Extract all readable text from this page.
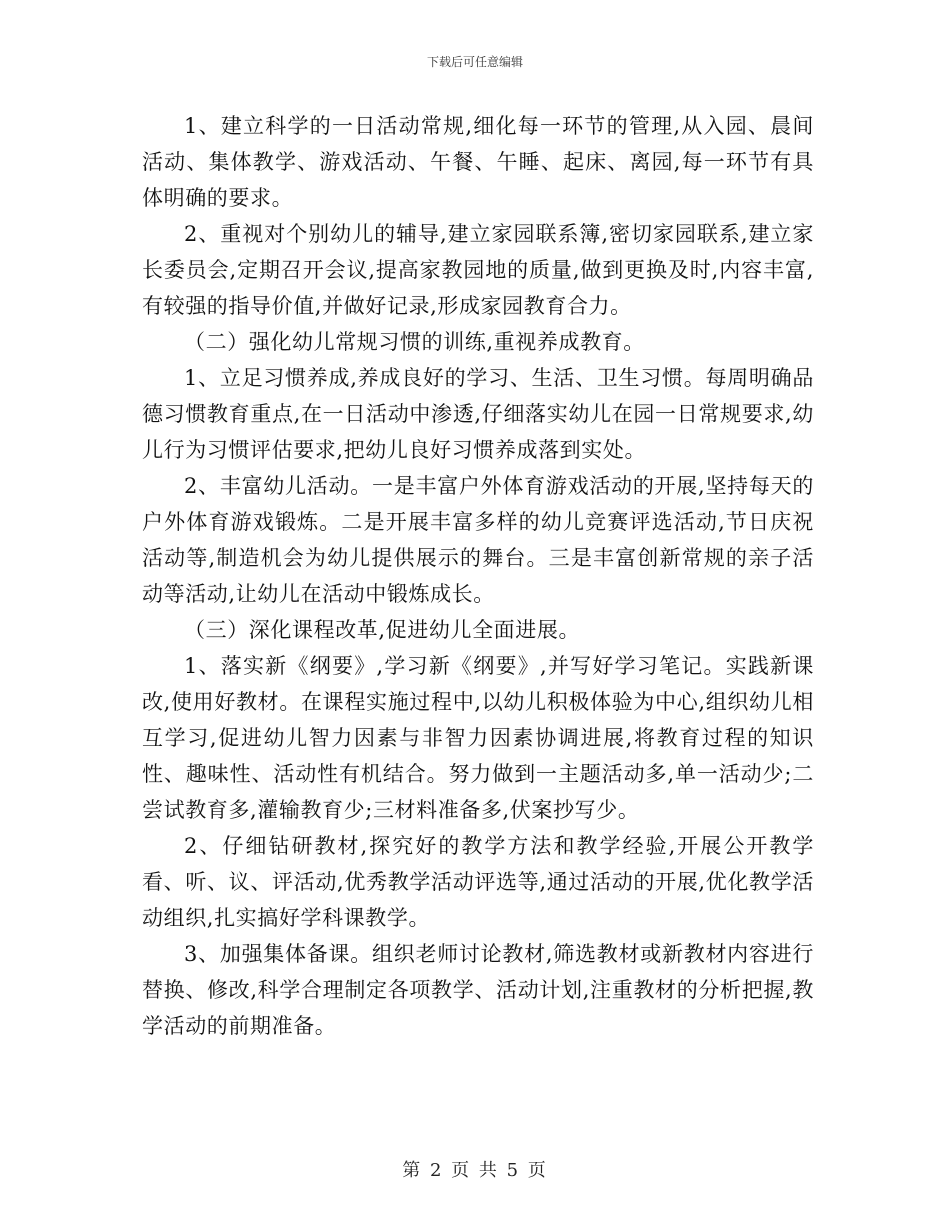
下载后可任意编辑

1、建立科学的一日活动常规,细化每一环节的管理,从入园、晨间活动、集体教学、游戏活动、午餐、午睡、起床、离园,每一环节有具体明确的要求。

2、重视对个别幼儿的辅导,建立家园联系簿,密切家园联系,建立家长委员会,定期召开会议,提高家教园地的质量,做到更换及时,内容丰富,有较强的指导价值,并做好记录,形成家园教育合力。

（二）强化幼儿常规习惯的训练,重视养成教育。

1、立足习惯养成,养成良好的学习、生活、卫生习惯。每周明确品德习惯教育重点,在一日活动中渗透,仔细落实幼儿在园一日常规要求,幼儿行为习惯评估要求,把幼儿良好习惯养成落到实处。

2、丰富幼儿活动。一是丰富户外体育游戏活动的开展,坚持每天的户外体育游戏锻炼。二是开展丰富多样的幼儿竞赛评选活动,节日庆祝活动等,制造机会为幼儿提供展示的舞台。三是丰富创新常规的亲子活动等活动,让幼儿在活动中锻炼成长。

（三）深化课程改革,促进幼儿全面进展。

1、落实新《纲要》,学习新《纲要》,并写好学习笔记。实践新课改,使用好教材。在课程实施过程中,以幼儿积极体验为中心,组织幼儿相互学习,促进幼儿智力因素与非智力因素协调进展,将教育过程的知识性、趣味性、活动性有机结合。努力做到一主题活动多,单一活动少;二尝试教育多,灌输教育少;三材料准备多,伏案抄写少。

2、仔细钻研教材,探究好的教学方法和教学经验,开展公开教学看、听、议、评活动,优秀教学活动评选等,通过活动的开展,优化教学活动组织,扎实搞好学科课教学。

3、加强集体备课。组织老师讨论教材,筛选教材或新教材内容进行替换、修改,科学合理制定各项教学、活动计划,注重教材的分析把握,教学活动的前期准备。

第 2 页 共 5 页
